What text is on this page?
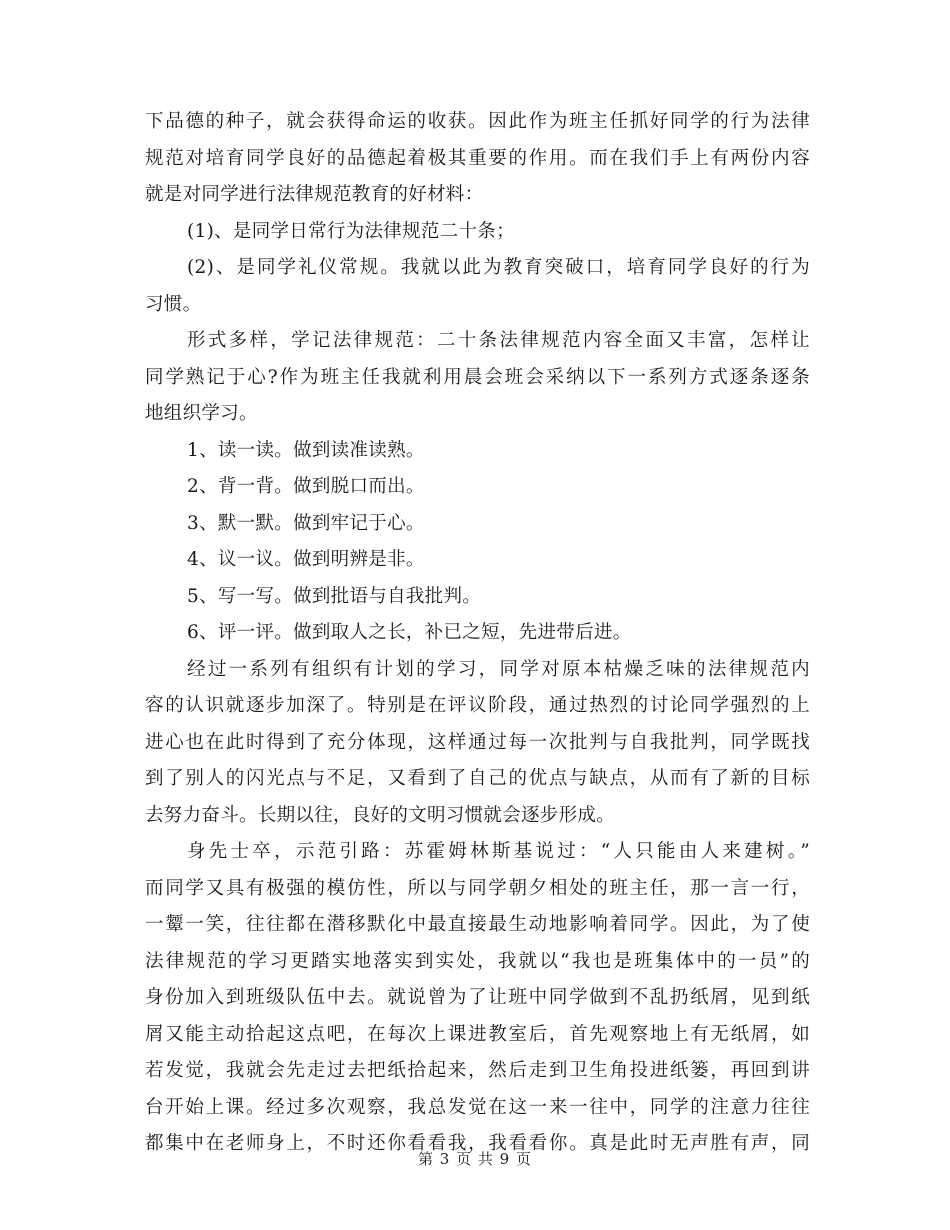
下品德的种子，就会获得命运的收获。因此作为班主任抓好同学的行为法律
规范对培育同学良好的品德起着极其重要的作用。而在我们手上有两份内容
就是对同学进行法律规范教育的好材料：
(1)、是同学日常行为法律规范二十条；
(2)、是同学礼仪常规。我就以此为教育突破口，培育同学良好的行为
习惯。
形式多样，学记法律规范：二十条法律规范内容全面又丰富，怎样让
同学熟记于心?作为班主任我就利用晨会班会采纳以下一系列方式逐条逐条
地组织学习。
1、读一读。做到读准读熟。
2、背一背。做到脱口而出。
3、默一默。做到牢记于心。
4、议一议。做到明辨是非。
5、写一写。做到批语与自我批判。
6、评一评。做到取人之长，补已之短，先进带后进。
经过一系列有组织有计划的学习，同学对原本枯燥乏味的法律规范内
容的认识就逐步加深了。特别是在评议阶段，通过热烈的讨论同学强烈的上
进心也在此时得到了充分体现，这样通过每一次批判与自我批判，同学既找
到了别人的闪光点与不足，又看到了自己的优点与缺点，从而有了新的目标
去努力奋斗。长期以往，良好的文明习惯就会逐步形成。
身先士卒，示范引路：苏霍姆林斯基说过：“人只能由人来建树。”
而同学又具有极强的模仿性，所以与同学朝夕相处的班主任，那一言一行，
一颦一笑，往往都在潜移默化中最直接最生动地影响着同学。因此，为了使
法律规范的学习更踏实地落实到实处，我就以“我也是班集体中的一员”的
身份加入到班级队伍中去。就说曾为了让班中同学做到不乱扔纸屑，见到纸
屑又能主动拾起这点吧，在每次上课进教室后，首先观察地上有无纸屑，如
若发觉，我就会先走过去把纸拾起来，然后走到卫生角投进纸篓，再回到讲
台开始上课。经过多次观察，我总发觉在这一来一往中，同学的注意力往往
都集中在老师身上，不时还你看看我，我看看你。真是此时无声胜有声，同
第 3 页 共 9 页
